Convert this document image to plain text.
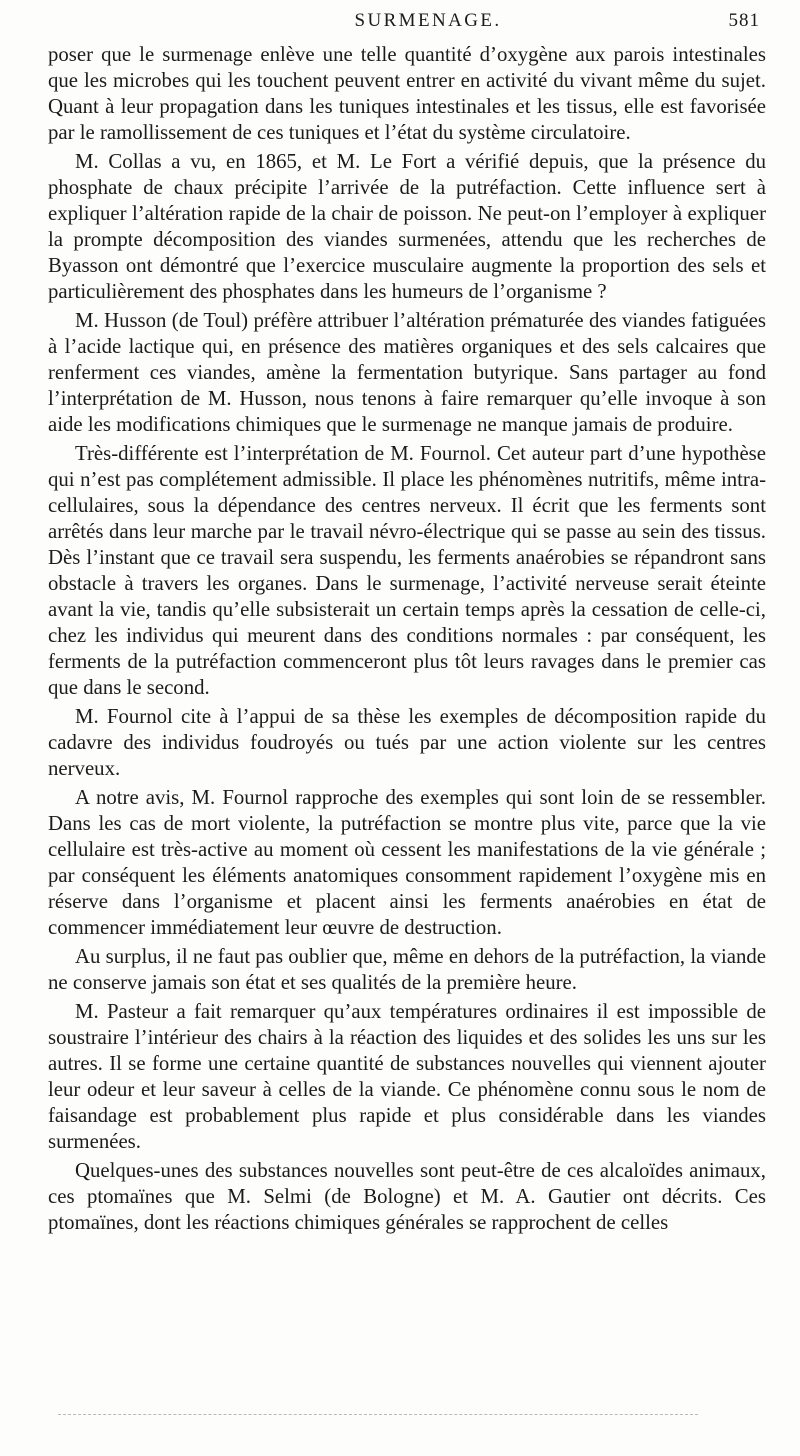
SURMENAGE.	581

poser que le surmenage enlève une telle quantité d’oxygène aux parois intestinales que les microbes qui les touchent peuvent entrer en activité du vivant même du sujet. Quant à leur propagation dans les tuniques intestinales et les tissus, elle est favorisée par le ramollissement de ces tuniques et l’état du système circulatoire.

M. Collas a vu, en 1865, et M. Le Fort a vérifié depuis, que la présence du phosphate de chaux précipite l’arrivée de la putréfaction. Cette influence sert à expliquer l’altération rapide de la chair de poisson. Ne peut-on l’employer à expliquer la prompte décomposition des viandes surmenées, attendu que les recherches de Byasson ont démontré que l’exercice musculaire augmente la proportion des sels et particulièrement des phosphates dans les humeurs de l’organisme ?

M. Husson (de Toul) préfère attribuer l’altération prématurée des viandes fatiguées à l’acide lactique qui, en présence des matières organiques et des sels calcaires que renferment ces viandes, amène la fermentation butyrique. Sans partager au fond l’interprétation de M. Husson, nous tenons à faire remarquer qu’elle invoque à son aide les modifications chimiques que le surmenage ne manque jamais de produire.

Très-différente est l’interprétation de M. Fournol. Cet auteur part d’une hypothèse qui n’est pas complétement admissible. Il place les phénomènes nutritifs, même intra-cellulaires, sous la dépendance des centres nerveux. Il écrit que les ferments sont arrêtés dans leur marche par le travail névro-électrique qui se passe au sein des tissus. Dès l’instant que ce travail sera suspendu, les ferments anaérobies se répandront sans obstacle à travers les organes. Dans le surmenage, l’activité nerveuse serait éteinte avant la vie, tandis qu’elle subsisterait un certain temps après la cessation de celle-ci, chez les individus qui meurent dans des conditions normales : par conséquent, les ferments de la putréfaction commenceront plus tôt leurs ravages dans le premier cas que dans le second.

M. Fournol cite à l’appui de sa thèse les exemples de décomposition rapide du cadavre des individus foudroyés ou tués par une action violente sur les centres nerveux.

A notre avis, M. Fournol rapproche des exemples qui sont loin de se ressembler. Dans les cas de mort violente, la putréfaction se montre plus vite, parce que la vie cellulaire est très-active au moment où cessent les manifestations de la vie générale ; par conséquent les éléments anatomiques consomment rapidement l’oxygène mis en réserve dans l’organisme et placent ainsi les ferments anaérobies en état de commencer immédiatement leur œuvre de destruction.

Au surplus, il ne faut pas oublier que, même en dehors de la putréfaction, la viande ne conserve jamais son état et ses qualités de la première heure.

M. Pasteur a fait remarquer qu’aux températures ordinaires il est impossible de soustraire l’intérieur des chairs à la réaction des liquides et des solides les uns sur les autres. Il se forme une certaine quantité de substances nouvelles qui viennent ajouter leur odeur et leur saveur à celles de la viande. Ce phénomène connu sous le nom de faisandage est probablement plus rapide et plus considérable dans les viandes surmenées.

Quelques-unes des substances nouvelles sont peut-être de ces alcaloïdes animaux, ces ptomaïnes que M. Selmi (de Bologne) et M. A. Gautier ont décrits. Ces ptomaïnes, dont les réactions chimiques générales se rapprochent de celles
